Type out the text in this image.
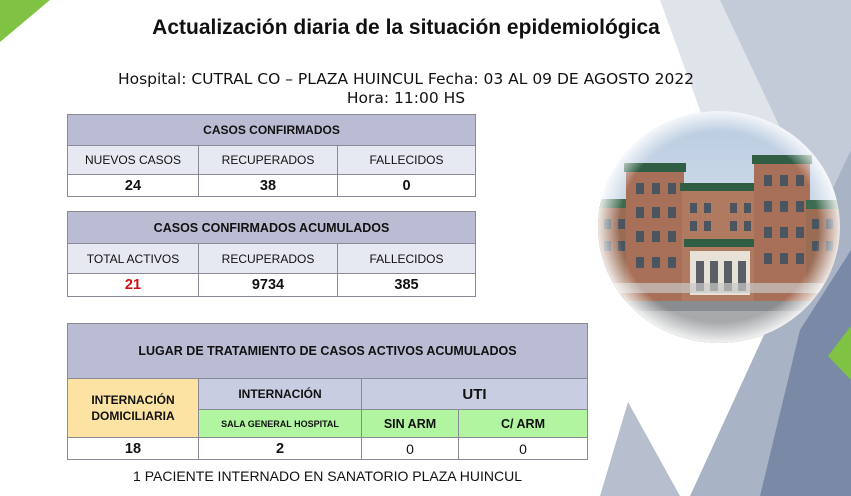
Actualización diaria de la situación epidemiológica
Hospital: CUTRAL CO – PLAZA HUINCUL Fecha: 03 AL 09 DE AGOSTO 2022
Hora: 11:00 HS
CASOS CONFIRMADOS		
NUEVOS CASOS	RECUPERADOS	FALLECIDOS
24	38	0
CASOS CONFIRMADOS ACUMULADOS		
TOTAL ACTIVOS	RECUPERADOS	FALLECIDOS
21	9734	385
LUGAR DE TRATAMIENTO DE CASOS ACTIVOS ACUMULADOS			

INTERNACIÓN DOMICILIARIA	INTERNACIÓN	UTI	
	SALA GENERAL HOSPITAL	SIN ARM	C/ ARM
18	2	0	0
1 PACIENTE INTERNADO EN SANATORIO PLAZA HUINCUL
